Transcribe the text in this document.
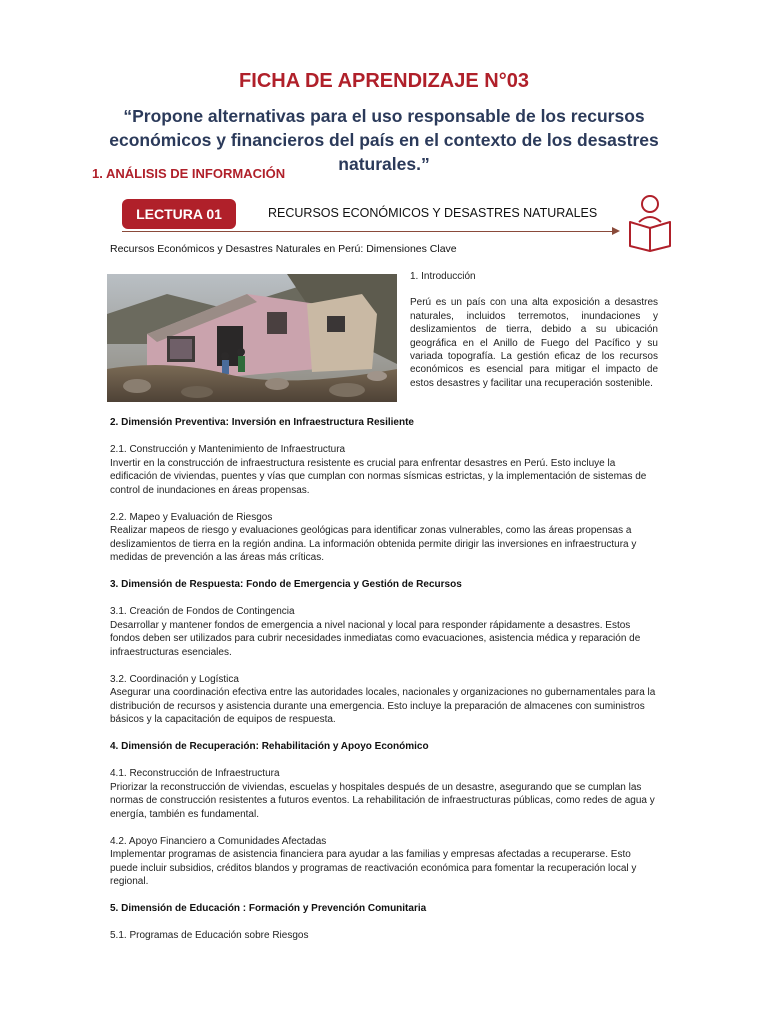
FICHA DE APRENDIZAJE N°03
“Propone alternativas para el uso responsable de los recursos económicos y financieros del país en el contexto de los desastres naturales.”
1. ANÁLISIS DE INFORMACIÓN
LECTURA 01	RECURSOS ECONÓMICOS Y DESASTRES NATURALES
Recursos Económicos y Desastres Naturales en Perú: Dimensiones Clave
1. Introducción

Perú es un país con una alta exposición a desastres naturales, incluidos terremotos, inundaciones y deslizamientos de tierra, debido a su ubicación geográfica en el Anillo de Fuego del Pacífico y su variada topografía. La gestión eficaz de los recursos económicos es esencial para mitigar el impacto de estos desastres y facilitar una recuperación sostenible.

2. Dimensión Preventiva: Inversión en Infraestructura Resiliente
2.1. Construcción y Mantenimiento de Infraestructura
Invertir en la construcción de infraestructura resistente es crucial para enfrentar desastres en Perú. Esto incluye la edificación de viviendas, puentes y vías que cumplan con normas sísmicas estrictas, y la implementación de sistemas de control de inundaciones en áreas propensas.
2.2. Mapeo y Evaluación de Riesgos
Realizar mapeos de riesgo y evaluaciones geológicas para identificar zonas vulnerables, como las áreas propensas a deslizamientos de tierra en la región andina. La información obtenida permite dirigir las inversiones en infraestructura y medidas de prevención a las áreas más críticas.
3. Dimensión de Respuesta: Fondo de Emergencia y Gestión de Recursos
3.1. Creación de Fondos de Contingencia
Desarrollar y mantener fondos de emergencia a nivel nacional y local para responder rápidamente a desastres. Estos fondos deben ser utilizados para cubrir necesidades inmediatas como evacuaciones, asistencia médica y reparación de infraestructuras esenciales.
3.2. Coordinación y Logística
Asegurar una coordinación efectiva entre las autoridades locales, nacionales y organizaciones no gubernamentales para la distribución de recursos y asistencia durante una emergencia. Esto incluye la preparación de almacenes con suministros básicos y la capacitación de equipos de respuesta.
4. Dimensión de Recuperación: Rehabilitación y Apoyo Económico
4.1. Reconstrucción de Infraestructura
Priorizar la reconstrucción de viviendas, escuelas y hospitales después de un desastre, asegurando que se cumplan las normas de construcción resistentes a futuros eventos. La rehabilitación de infraestructuras públicas, como redes de agua y energía, también es fundamental.
4.2. Apoyo Financiero a Comunidades Afectadas
Implementar programas de asistencia financiera para ayudar a las familias y empresas afectadas a recuperarse. Esto puede incluir subsidios, créditos blandos y programas de reactivación económica para fomentar la recuperación local y regional.
5. Dimensión de Educación : Formación y Prevención Comunitaria
5.1. Programas de Educación sobre Riesgos
